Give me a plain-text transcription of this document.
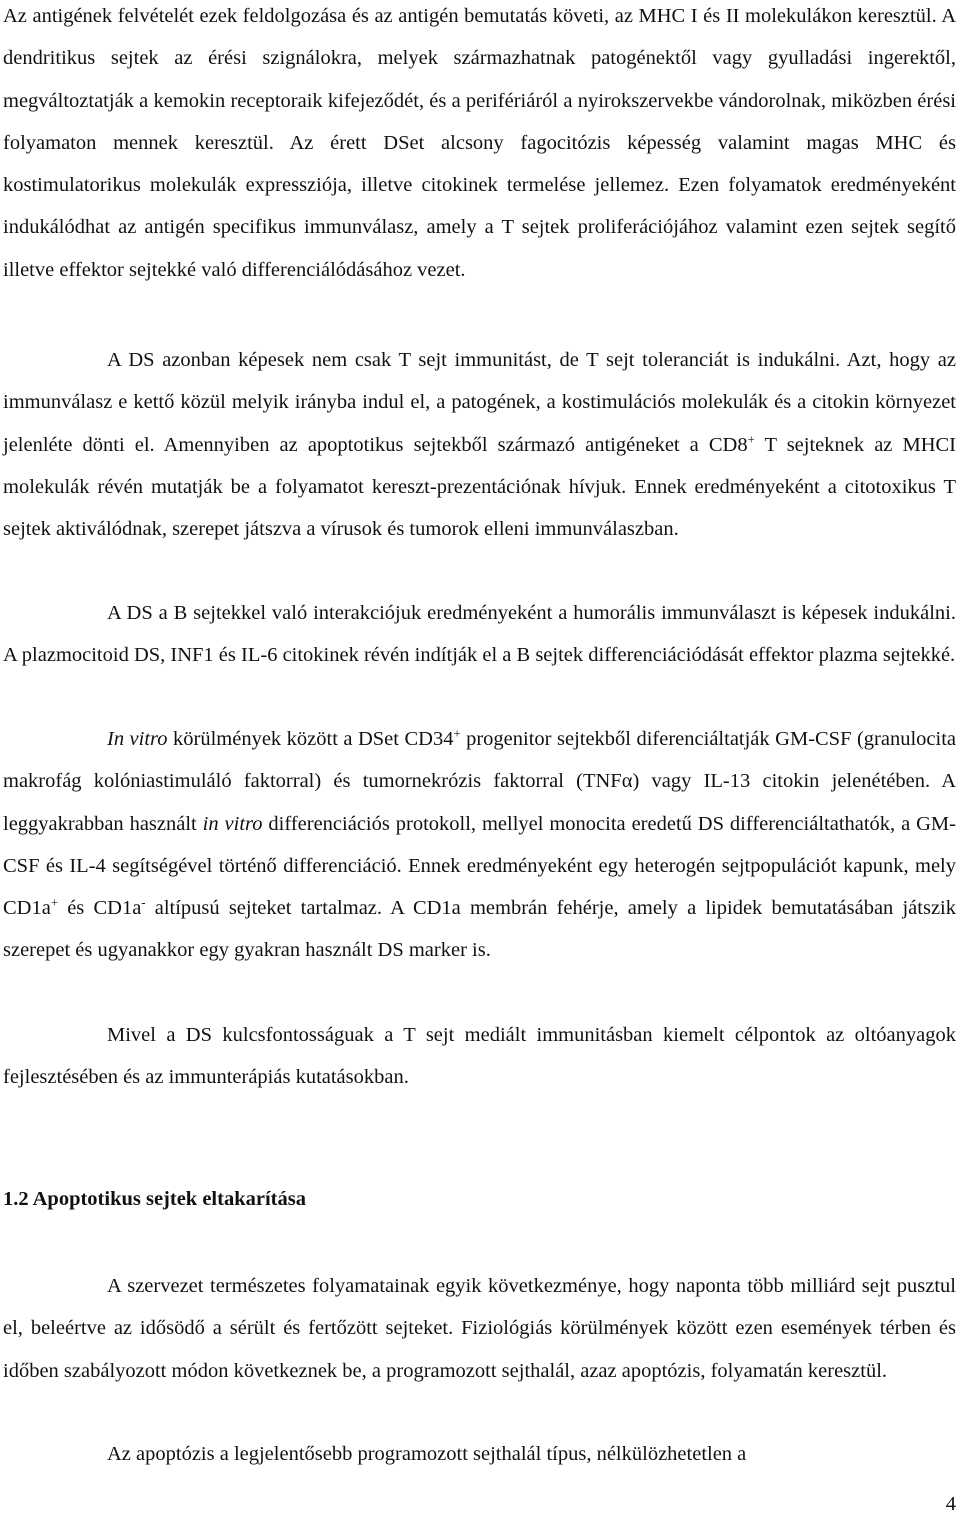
Az antigének felvételét ezek feldolgozása és az antigén bemutatás követi, az MHC I és II molekulákon keresztül. A dendritikus sejtek az érési szignálokra, melyek származhatnak patogénektől vagy gyulladási ingerektől, megváltoztatják a kemokin receptoraik kifejeződét, és a perifériáról a nyirokszervekbe vándorolnak, miközben érési folyamaton mennek keresztül. Az érett DSet alcsony fagocitózis képesség valamint magas MHC és kostimulatorikus molekulák expressziója, illetve citokinek termelése jellemez. Ezen folyamatok eredményeként indukálódhat az antigén specifikus immunválasz, amely a T sejtek proliferációjához valamint ezen sejtek segítő illetve effektor sejtekké való differenciálódásához vezet.

A DS azonban képesek nem csak T sejt immunitást, de T sejt toleranciát is indukálni. Azt, hogy az immunválasz e kettő közül melyik irányba indul el, a patogének, a kostimulációs molekulák és a citokin környezet jelenléte dönti el. Amennyiben az apoptotikus sejtekből származó antigéneket a CD8+ T sejteknek az MHCI molekulák révén mutatják be a folyamatot kereszt-prezentációnak hívjuk. Ennek eredményeként a citotoxikus T sejtek aktiválódnak, szerepet játszva a vírusok és tumorok elleni immunválaszban.

A DS a B sejtekkel való interakciójuk eredményeként a humorális immunválaszt is képesek indukálni. A plazmocitoid DS, INF1 és IL-6 citokinek révén indítják el a B sejtek differenciációdását effektor plazma sejtekké.

In vitro körülmények között a DSet CD34+ progenitor sejtekből diferenciáltatják GM-CSF (granulocita makrofág kolóniastimuláló faktorral) és tumornekrózis faktorral (TNFα) vagy IL-13 citokin jelenétében. A leggyakrabban használt in vitro differenciációs protokoll, mellyel monocita eredetű DS differenciáltathatók, a GM-CSF és IL-4 segítségével történő differenciáció. Ennek eredményeként egy heterogén sejtpopulációt kapunk, mely CD1a+ és CD1a- altípusú sejteket tartalmaz. A CD1a membrán fehérje, amely a lipidek bemutatásában játszik szerepet és ugyanakkor egy gyakran használt DS marker is.

Mivel a DS kulcsfontosságuak a T sejt mediált immunitásban kiemelt célpontok az oltóanyagok fejlesztésében és az immunterápiás kutatásokban.

1.2 Apoptotikus sejtek eltakarítása

A szervezet természetes folyamatainak egyik következménye, hogy naponta több milliárd sejt pusztul el, beleértve az idősödő a sérült és fertőzött sejteket. Fiziológiás körülmények között ezen események térben és időben szabályozott módon következnek be, a programozott sejthalál, azaz apoptózis, folyamatán keresztül.

Az apoptózis a legjelentősebb programozott sejthalál típus, nélkülözhetetlen a

4
